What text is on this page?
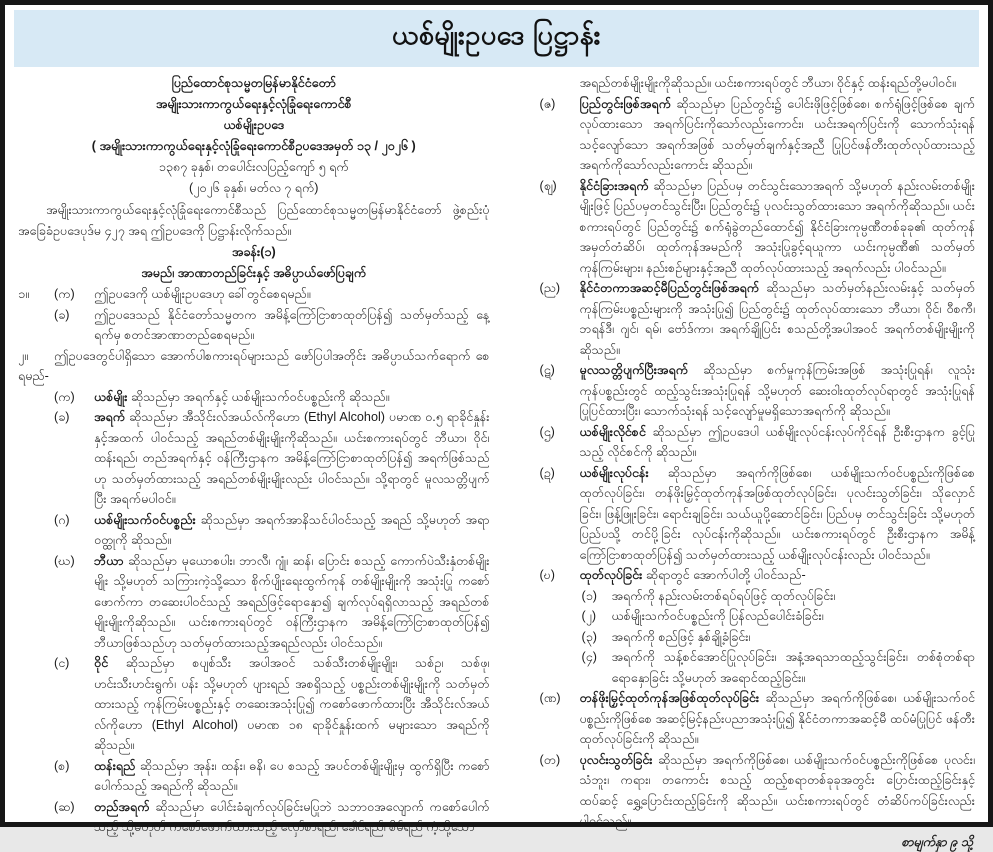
ယစ်မျိုးဥပဒေ ပြဋ္ဌာန်း
ပြည်ထောင်စုသမ္မတမြန်မာနိုင်ငံတော်
အမျိုးသားကာကွယ်ရေးနှင့်လုံခြုံရေးကောင်စီ
ယစ်မျိုးဥပဒေ
( အမျိုးသားကာကွယ်ရေးနှင့်လုံခြုံရေးကောင်စီဥပဒေအမှတ် ၁၃ / ၂၀၂၆ )
၁၃၈၇ ခုနှစ်၊ တပေါင်းလပြည့်ကျော် ၅ ရက်
(၂၀၂၆ ခုနှစ်၊ မတ်လ ၇ ရက်)

အမျိုးသားကာကွယ်ရေးနှင့်လုံခြုံရေးကောင်စီသည် ပြည်ထောင်စုသမ္မတမြန်မာနိုင်ငံတော် ဖွဲ့စည်းပုံ အခြေခံဥပဒေပုဒ်မ ၄၂၇ အရ ဤဥပဒေကို ပြဋ္ဌာန်းလိုက်သည်။

အခန်း(၁)
အမည်၊ အာဏာတည်ခြင်းနှင့် အဓိပ္ပာယ်ဖော်ပြချက်
၁။	(က)	ဤဥပဒေကို ယစ်မျိုးဥပဒေဟု ခေါ်တွင်စေရမည်။
(ခ)	ဤဥပဒေသည် နိုင်ငံတော်သမ္မတက အမိန့်ကြော်ငြာစာထုတ်ပြန်၍ သတ်မှတ်သည့် နေ့ရက်မှ စတင်အာဏာတည်စေရမည်။

၂။ ဤဥပဒေတွင်ပါရှိသော အောက်ပါစကားရပ်များသည် ဖော်ပြပါအတိုင်း အဓိပ္ပာယ်သက်ရောက် စေရမည်-

(က)	ယစ်မျိုး ဆိုသည်မှာ အရက်နှင့် ယစ်မျိုးသက်ဝင်ပစ္စည်းကို ဆိုသည်။
(ခ)	အရက် ဆိုသည်မှာ အီသိုင်းလ်အယ်လ်ကိုဟော (Ethyl Alcohol) ပမာဏ ၀.၅ ရာခိုင်နှုန်းနှင့်အထက် ပါဝင်သည့် အရည်တစ်မျိုးမျိုးကိုဆိုသည်။ ယင်းစကားရပ်တွင် ဘီယာ၊ ဝိုင်၊ ထန်းရည်၊ တည်အရက်နှင့် ဝန်ကြီးဌာနက အမိန့်ကြော်ငြာစာထုတ်ပြန်၍ အရက်ဖြစ်သည်ဟု သတ်မှတ်ထားသည့် အရည်တစ်မျိုးမျိုးလည်း ပါဝင်သည်။ သို့ရာတွင် မူလသတ္တိပျက်ပြီး အရက်မပါဝင်။
(ဂ)	ယစ်မျိုးသက်ဝင်ပစ္စည်း ဆိုသည်မှာ အရက်အာနိသင်ပါဝင်သည့် အရည် သို့မဟုတ် အရာဝတ္ထုကို ဆိုသည်။
(ဃ)	ဘီယာ ဆိုသည်မှာ မုယောစပါး၊ ဘာလီ၊ ဂျုံ၊ ဆန်၊ ပြောင်း စသည့် ကောက်ပဲသီးနှံတစ်မျိုးမျိုး သို့မဟုတ် သကြားကဲ့သို့သော စိုက်ပျိုးရေးထွက်ကုန် တစ်မျိုးမျိုးကို အသုံးပြု ကစော်ဖောက်ကာ တဆေးပါဝင်သည့် အရည်ဖြင့်ရောနှော၍ ချက်လုပ်ရရှိလာသည့် အရည်တစ်မျိုးမျိုးကိုဆိုသည်။ ယင်းစကားရပ်တွင် ဝန်ကြီးဌာနက အမိန့်ကြော်ငြာစာထုတ်ပြန်၍ ဘီယာဖြစ်သည်ဟု သတ်မှတ်ထားသည့်အရည်လည်း ပါဝင်သည်။
(င)	ဝိုင် ဆိုသည်မှာ စပျစ်သီး အပါအဝင် သစ်သီးတစ်မျိုးမျိုး၊ သစ်ဥ၊ သစ်ဖု၊ ဟင်းသီးဟင်းရွက်၊ ပန်း သို့မဟုတ် ပျားရည် အစရှိသည့် ပစ္စည်းတစ်မျိုးမျိုးကို သတ်မှတ်ထားသည့် ကုန်ကြမ်းပစ္စည်းနှင့် တဆေးအသုံးပြု၍ ကစော်ဖောက်ထားပြီး အီသိုင်းလ်အယ်လ်ကိုဟော (Ethyl Alcohol) ပမာဏ ၁၈ ရာခိုင်နှုန်းထက် မများသော အရည်ကို ဆိုသည်။
(စ)	ထန်းရည် ဆိုသည်မှာ အုန်း၊ ထန်း၊ ဓနိ၊ ပေ စသည့် အပင်တစ်မျိုးမျိုးမှ ထွက်ရှိပြီး ကစော်ပေါက်သည့် အရည်ကို ဆိုသည်။
(ဆ)	တည်အရက် ဆိုသည်မှာ ပေါင်းခံချက်လုပ်ခြင်းမပြုဘဲ သဘာဝအလျောက် ကစော်ပေါက်သည့် သို့မဟုတ် ကစော်ဖောက်ထားသည့် လှော်စာရည်၊ ခေါင်ရည်၊ စိမ်ရည် ကဲ့သို့သော
အရည်တစ်မျိုးမျိုးကိုဆိုသည်။ ယင်းစကားရပ်တွင် ဘီယာ၊ ဝိုင်နှင့် ထန်းရည်တို့မပါဝင်။
(ဇ)	ပြည်တွင်းဖြစ်အရက် ဆိုသည်မှာ ပြည်တွင်း၌ ပေါင်းဖိုဖြင့်ဖြစ်စေ၊ စက်ရုံဖြင့်ဖြစ်စေ ချက်လုပ်ထားသော အရက်ပြင်းကိုသော်လည်းကောင်း၊ ယင်းအရက်ပြင်းကို သောက်သုံးရန် သင့်လျော်သော အရက်အဖြစ် သတ်မှတ်ချက်နှင့်အညီ ပြုပြင်ဖန်တီးထုတ်လုပ်ထားသည့် အရက်ကိုသော်လည်းကောင်း ဆိုသည်။
(ဈ)	နိုင်ငံခြားအရက် ဆိုသည်မှာ ပြည်ပမှ တင်သွင်းသောအရက် သို့မဟုတ် နည်းလမ်းတစ်မျိုးမျိုးဖြင့် ပြည်ပမှတင်သွင်းပြီး၊ ပြည်တွင်း၌ ပုလင်းသွတ်ထားသော အရက်ကိုဆိုသည်။ ယင်းစကားရပ်တွင် ပြည်တွင်း၌ စက်ရုံခွဲတည်ထောင်၍ နိုင်ငံခြားကုမ္ပဏီတစ်ခုခု၏ ထုတ်ကုန်အမှတ်တံဆိပ်၊ ထုတ်ကုန်အမည်ကို အသုံးပြုခွင့်ရယူကာ ယင်းကုမ္ပဏီ၏ သတ်မှတ်ကုန်ကြမ်းများ၊ နည်းစဉ်များနှင့်အညီ ထုတ်လုပ်ထားသည့် အရက်လည်း ပါဝင်သည်။
(ည)	နိုင်ငံတကာအဆင့်မီပြည်တွင်းဖြစ်အရက် ဆိုသည်မှာ သတ်မှတ်နည်းလမ်းနှင့် သတ်မှတ်ကုန်ကြမ်းပစ္စည်းများကို အသုံးပြု၍ ပြည်တွင်း၌ ထုတ်လုပ်ထားသော ဘီယာ၊ ဝိုင်၊ ဝီစကီ၊ ဘရန်ဒီ၊ ဂျင်၊ ရမ်၊ ဗော်ဒ်ကာ၊ အရက်ချိုပြင်း စသည်တို့အပါအဝင် အရက်တစ်မျိုးမျိုးကို ဆိုသည်။
(ဋ)	မူလသတ္တိပျက်ပြီးအရက် ဆိုသည်မှာ စက်မှုကုန်ကြမ်းအဖြစ် အသုံးပြုရန်၊ လူသုံးကုန်ပစ္စည်းတွင် ထည့်သွင်းအသုံးပြုရန် သို့မဟုတ် ဆေးဝါးထုတ်လုပ်ရာတွင် အသုံးပြုရန် ပြုပြင်ထားပြီး၊ သောက်သုံးရန် သင့်လျော်မှုမရှိသောအရက်ကို ဆိုသည်။
(ဌ)	ယစ်မျိုးလိုင်စင် ဆိုသည်မှာ ဤဥပဒေပါ ယစ်မျိုးလုပ်ငန်းလုပ်ကိုင်ရန် ဦးစီးဌာနက ခွင့်ပြုသည့် လိုင်စင်ကို ဆိုသည်။
(ဍ)	ယစ်မျိုးလုပ်ငန်း ဆိုသည်မှာ အရက်ကိုဖြစ်စေ၊ ယစ်မျိုးသက်ဝင်ပစ္စည်းကိုဖြစ်စေ ထုတ်လုပ်ခြင်း၊ တန်ဖိုးမြှင့်ထုတ်ကုန်အဖြစ်ထုတ်လုပ်ခြင်း၊ ပုလင်းသွတ်ခြင်း၊ သိုလှောင်ခြင်း၊ ဖြန့်ဖြူးခြင်း၊ ရောင်းချခြင်း၊ သယ်ယူပို့ဆောင်ခြင်း၊ ပြည်ပမှ တင်သွင်းခြင်း သို့မဟုတ် ပြည်ပသို့ တင်ပို့ခြင်း လုပ်ငန်းကိုဆိုသည်။ ယင်းစကားရပ်တွင် ဦးစီးဌာနက အမိန့်ကြော်ငြာစာထုတ်ပြန်၍ သတ်မှတ်ထားသည့် ယစ်မျိုးလုပ်ငန်းလည်း ပါဝင်သည်။
(ဎ)	ထုတ်လုပ်ခြင်း ဆိုရာတွင် အောက်ပါတို့ ပါဝင်သည်-
(၁)	အရက်ကို နည်းလမ်းတစ်ရပ်ရပ်ဖြင့် ထုတ်လုပ်ခြင်း၊
(၂)	ယစ်မျိုးသက်ဝင်ပစ္စည်းကို ပြန်လည်ပေါင်းခံခြင်း၊
(၃)	အရက်ကို စည်ဖြင့် နှစ်ချို့ခံခြင်း၊
(၄)	အရက်ကို သန့်စင်အောင်ပြုလုပ်ခြင်း၊ အနံ့အရသာထည့်သွင်းခြင်း၊ တစ်စုံတစ်ရာ ရောနှောခြင်း သို့မဟုတ် အရောင်ထည့်ခြင်း။
(ဏ)	တန်ဖိုးမြှင့်ထုတ်ကုန်အဖြစ်ထုတ်လုပ်ခြင်း ဆိုသည်မှာ အရက်ကိုဖြစ်စေ၊ ယစ်မျိုးသက်ဝင်ပစ္စည်းကိုဖြစ်စေ အဆင့်မြင့်နည်းပညာအသုံးပြု၍ နိုင်ငံတကာအဆင့်မီ ထပ်မံပြုပြင် ဖန်တီးထုတ်လုပ်ခြင်းကို ဆိုသည်။
(တ)	ပုလင်းသွတ်ခြင်း ဆိုသည်မှာ အရက်ကိုဖြစ်စေ၊ ယစ်မျိုးသက်ဝင်ပစ္စည်းကိုဖြစ်စေ ပုလင်း၊ သံဘူး၊ ကရား၊ တကောင်း စသည့် ထည့်စရာတစ်ခုခုအတွင်း ပြောင်းထည့်ခြင်းနှင့် ထပ်ဆင့် ရွှေ့ပြောင်းထည့်ခြင်းကို ဆိုသည်။ ယင်းစကားရပ်တွင် တံဆိပ်ကပ်ခြင်းလည်း ပါဝင်သည်။
စာမျက်နှာ ၉ သို့
